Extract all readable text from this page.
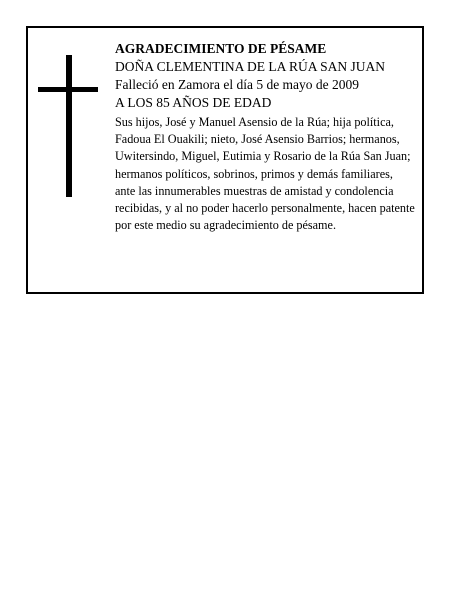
AGRADECIMIENTO DE PÉSAME

DOÑA CLEMENTINA DE LA RÚA SAN JUAN

Falleció en Zamora el día 5 de mayo de 2009

A LOS 85 AÑOS DE EDAD

Sus hijos, José y Manuel Asensio de la Rúa; hija política, Fadoua El Ouakili; nieto, José Asensio Barrios; hermanos, Uwitersindo, Miguel, Eutimia y Rosario de la Rúa San Juan; hermanos políticos, sobrinos, primos y demás familiares, ante las innumerables muestras de amistad y condolencia recibidas, y al no poder hacerlo personalmente, hacen patente por este medio su agradecimiento de pésame.
